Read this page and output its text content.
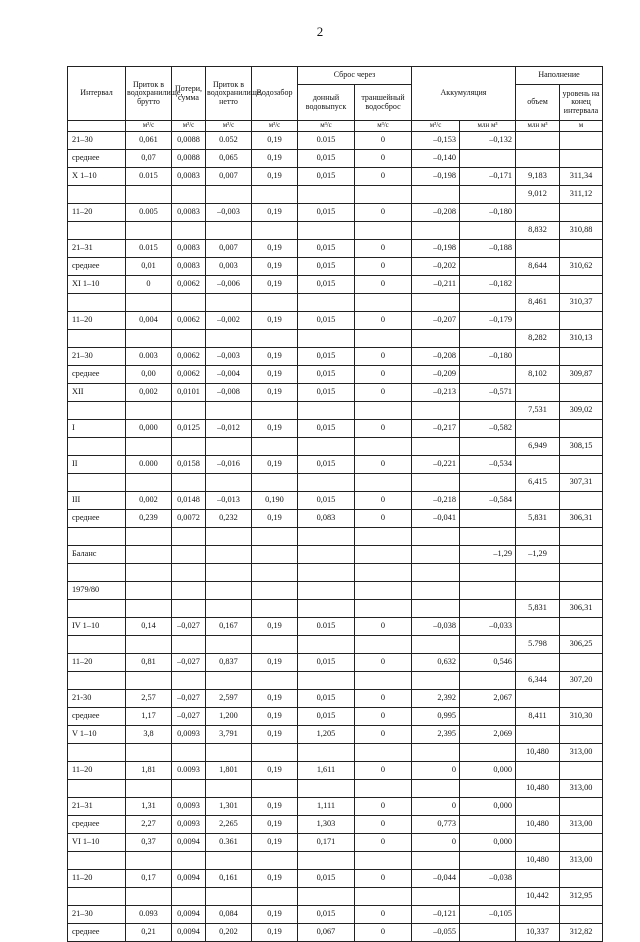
2
Интервал	Приток в водохранилище, брутто	Потери, сумма	Приток в водохранилище, нетто	Водозабор	Сброс через		Аккумуляция		Наполнение	
					донный водовыпуск	траншейный водосброс			объем	уровень на конец интервала

	м³/с	м³/с	м³/с	м³/с	м³/с	м³/с	м³/с	млн м³	млн м³	м
21–30	0,061	0,0088	0.052	0,19	0.015	0	–0,153	–0,132		
среднее	0,07	0,0088	0,065	0,19	0,015	0	–0,140			
X 1–10	0.015	0,0083	0,007	0,19	0,015	0	–0,198	–0,171	9,183	311,34
									9,012	311,12
11–20	0.005	0,0083	–0,003	0,19	0,015	0	–0,208	–0,180		
									8,832	310,88
21–31	0.015	0,0083	0,007	0,19	0,015	0	–0,198	–0,188		
среднее	0,01	0,0083	0,003	0,19	0,015	0	–0,202		8,644	310,62
XI 1–10	0	0,0062	–0,006	0,19	0,015	0	–0,211	–0,182		
									8,461	310,37
11–20	0,004	0,0062	–0,002	0,19	0,015	0	–0,207	–0,179		
									8,282	310,13
21–30	0.003	0,0062	–0,003	0,19	0,015	0	–0,208	–0,180		
среднее	0,00	0,0062	–0,004	0,19	0,015	0	–0,209		8,102	309,87
XII	0,002	0,0101	–0,008	0,19	0,015	0	–0,213	–0,571		
									7,531	309,02
I	0,000	0,0125	–0,012	0,19	0,015	0	–0,217	–0,582		
									6,949	308,15
II	0.000	0,0158	–0,016	0,19	0,015	0	–0,221	–0,534		
									6,415	307,31
III	0,002	0,0148	–0,013	0,190	0,015	0	–0,218	–0,584		
среднее	0,239	0,0072	0,232	0,19	0,083	0	–0,041		5,831	306,31

Баланс								–1,29	–1,29	

1979/80										
									5,831	306,31
IV 1–10	0,14	–0,027	0,167	0,19	0.015	0	–0,038	–0,033		
									5.798	306,25
11–20	0,81	–0,027	0,837	0,19	0,015	0	0,632	0,546		
									6,344	307,20
21-30	2,57	–0,027	2,597	0,19	0,015	0	2,392	2,067		
среднее	1,17	–0,027	1,200	0,19	0,015	0	0,995		8,411	310,30
V 1–10	3,8	0,0093	3,791	0,19	1,205	0	2,395	2,069		
									10,480	313,00
11–20	1,81	0.0093	1,801	0,19	1,611	0	0	0,000		
									10,480	313,00
21–31	1,31	0,0093	1,301	0,19	1,111	0	0	0,000		
среднее	2,27	0,0093	2,265	0,19	1,303	0	0,773		10,480	313,00
VI 1–10	0,37	0,0094	0.361	0,19	0,171	0	0	0,000		
									10,480	313,00
11–20	0,17	0,0094	0,161	0,19	0,015	0	–0,044	–0,038		
									10,442	312,95
21–30	0.093	0,0094	0,084	0,19	0,015	0	–0,121	–0,105		
среднее	0,21	0,0094	0,202	0,19	0,067	0	–0,055		10,337	312,82
